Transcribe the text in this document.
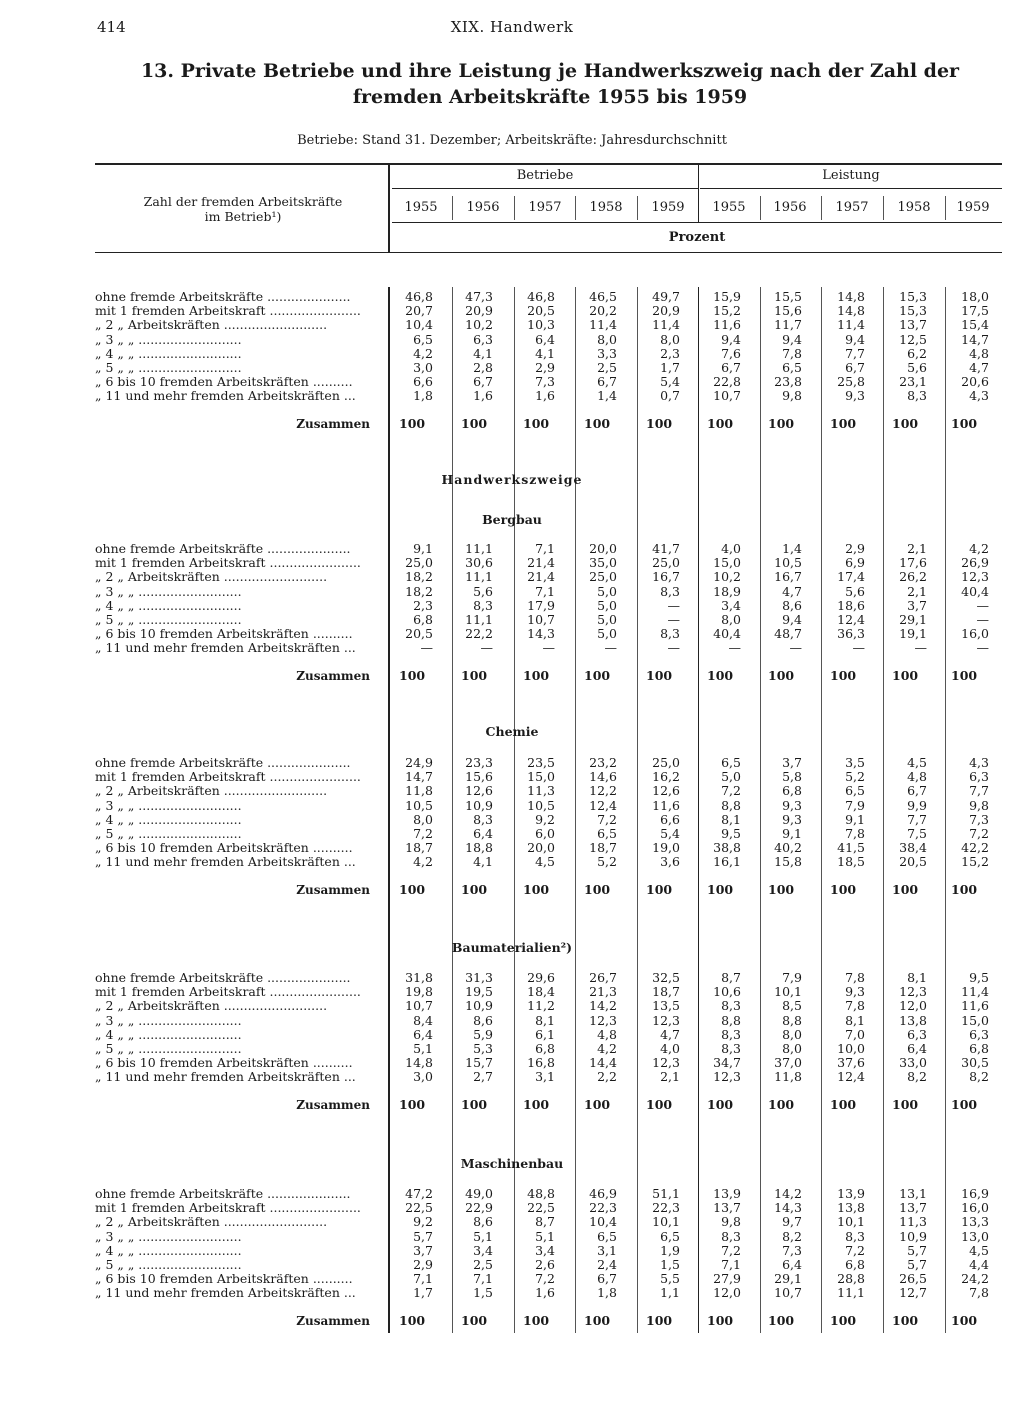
414	XIX. Handwerk
13. Private Betriebe und ihre Leistung je Handwerkszweig nach der Zahl der fremden Arbeitskräfte 1955 bis 1959
Betriebe: Stand 31. Dezember; Arbeitskräfte: Jahresdurchschnitt
Zahl der fremden Arbeitskräfte
im Betrieb¹)
Betriebe	Leistung
1955	1956	1957	1958	1959	1955	1956	1957	1958	1959
Prozent
Handwerkszweige
ohne fremde Arbeitskräfte .....................	46,8	47,3	46,8	46,5	49,7	15,9	15,5	14,8	15,3	18,0
mit 1 fremden Arbeitskraft .......................	20,7	20,9	20,5	20,2	20,9	15,2	15,6	14,8	15,3	17,5
„ 2 „ Arbeitskräften ..........................	10,4	10,2	10,3	11,4	11,4	11,6	11,7	11,4	13,7	15,4
„ 3 „ „ ..........................	6,5	6,3	6,4	8,0	8,0	9,4	9,4	9,4	12,5	14,7
„ 4 „ „ ..........................	4,2	4,1	4,1	3,3	2,3	7,6	7,8	7,7	6,2	4,8
„ 5 „ „ ..........................	3,0	2,8	2,9	2,5	1,7	6,7	6,5	6,7	5,6	4,7
„ 6 bis 10 fremden Arbeitskräften ..........	6,6	6,7	7,3	6,7	5,4	22,8	23,8	25,8	23,1	20,6
„ 11 und mehr fremden Arbeitskräften ...	1,8	1,6	1,6	1,4	0,7	10,7	9,8	9,3	8,3	4,3
Zusammen 100	100	100	100	100	100	100	100	100	100
Bergbau
ohne fremde Arbeitskräfte .....................	9,1	11,1	7,1	20,0	41,7	4,0	1,4	2,9	2,1	4,2
mit 1 fremden Arbeitskraft .......................	25,0	30,6	21,4	35,0	25,0	15,0	10,5	6,9	17,6	26,9
„ 2 „ Arbeitskräften ..........................	18,2	11,1	21,4	25,0	16,7	10,2	16,7	17,4	26,2	12,3
„ 3 „ „ ..........................	18,2	5,6	7,1	5,0	8,3	18,9	4,7	5,6	2,1	40,4
„ 4 „ „ ..........................	2,3	8,3	17,9	5,0	—	3,4	8,6	18,6	3,7	—
„ 5 „ „ ..........................	6,8	11,1	10,7	5,0	—	8,0	9,4	12,4	29,1	—
„ 6 bis 10 fremden Arbeitskräften ..........	20,5	22,2	14,3	5,0	8,3	40,4	48,7	36,3	19,1	16,0
„ 11 und mehr fremden Arbeitskräften ...	—	—	—	—	—	—	—	—	—	—
Zusammen 100	100	100	100	100	100	100	100	100	100
Chemie
ohne fremde Arbeitskräfte .....................	24,9	23,3	23,5	23,2	25,0	6,5	3,7	3,5	4,5	4,3
mit 1 fremden Arbeitskraft .......................	14,7	15,6	15,0	14,6	16,2	5,0	5,8	5,2	4,8	6,3
„ 2 „ Arbeitskräften ..........................	11,8	12,6	11,3	12,2	12,6	7,2	6,8	6,5	6,7	7,7
„ 3 „ „ ..........................	10,5	10,9	10,5	12,4	11,6	8,8	9,3	7,9	9,9	9,8
„ 4 „ „ ..........................	8,0	8,3	9,2	7,2	6,6	8,1	9,3	9,1	7,7	7,3
„ 5 „ „ ..........................	7,2	6,4	6,0	6,5	5,4	9,5	9,1	7,8	7,5	7,2
„ 6 bis 10 fremden Arbeitskräften ..........	18,7	18,8	20,0	18,7	19,0	38,8	40,2	41,5	38,4	42,2
„ 11 und mehr fremden Arbeitskräften ...	4,2	4,1	4,5	5,2	3,6	16,1	15,8	18,5	20,5	15,2
Zusammen 100	100	100	100	100	100	100	100	100	100
Baumaterialien²)
ohne fremde Arbeitskräfte .....................	31,8	31,3	29,6	26,7	32,5	8,7	7,9	7,8	8,1	9,5
mit 1 fremden Arbeitskraft .......................	19,8	19,5	18,4	21,3	18,7	10,6	10,1	9,3	12,3	11,4
„ 2 „ Arbeitskräften ..........................	10,7	10,9	11,2	14,2	13,5	8,3	8,5	7,8	12,0	11,6
„ 3 „ „ ..........................	8,4	8,6	8,1	12,3	12,3	8,8	8,8	8,1	13,8	15,0
„ 4 „ „ ..........................	6,4	5,9	6,1	4,8	4,7	8,3	8,0	7,0	6,3	6,3
„ 5 „ „ ..........................	5,1	5,3	6,8	4,2	4,0	8,3	8,0	10,0	6,4	6,8
„ 6 bis 10 fremden Arbeitskräften ..........	14,8	15,7	16,8	14,4	12,3	34,7	37,0	37,6	33,0	30,5
„ 11 und mehr fremden Arbeitskräften ...	3,0	2,7	3,1	2,2	2,1	12,3	11,8	12,4	8,2	8,2
Zusammen 100	100	100	100	100	100	100	100	100	100
Maschinenbau
ohne fremde Arbeitskräfte .....................	47,2	49,0	48,8	46,9	51,1	13,9	14,2	13,9	13,1	16,9
mit 1 fremden Arbeitskraft .......................	22,5	22,9	22,5	22,3	22,3	13,7	14,3	13,8	13,7	16,0
„ 2 „ Arbeitskräften ..........................	9,2	8,6	8,7	10,4	10,1	9,8	9,7	10,1	11,3	13,3
„ 3 „ „ ..........................	5,7	5,1	5,1	6,5	6,5	8,3	8,2	8,3	10,9	13,0
„ 4 „ „ ..........................	3,7	3,4	3,4	3,1	1,9	7,2	7,3	7,2	5,7	4,5
„ 5 „ „ ..........................	2,9	2,5	2,6	2,4	1,5	7,1	6,4	6,8	5,7	4,4
„ 6 bis 10 fremden Arbeitskräften ..........	7,1	7,1	7,2	6,7	5,5	27,9	29,1	28,8	26,5	24,2
„ 11 und mehr fremden Arbeitskräften ...	1,7	1,5	1,6	1,8	1,1	12,0	10,7	11,1	12,7	7,8
Zusammen 100	100	100	100	100	100	100	100	100	100
